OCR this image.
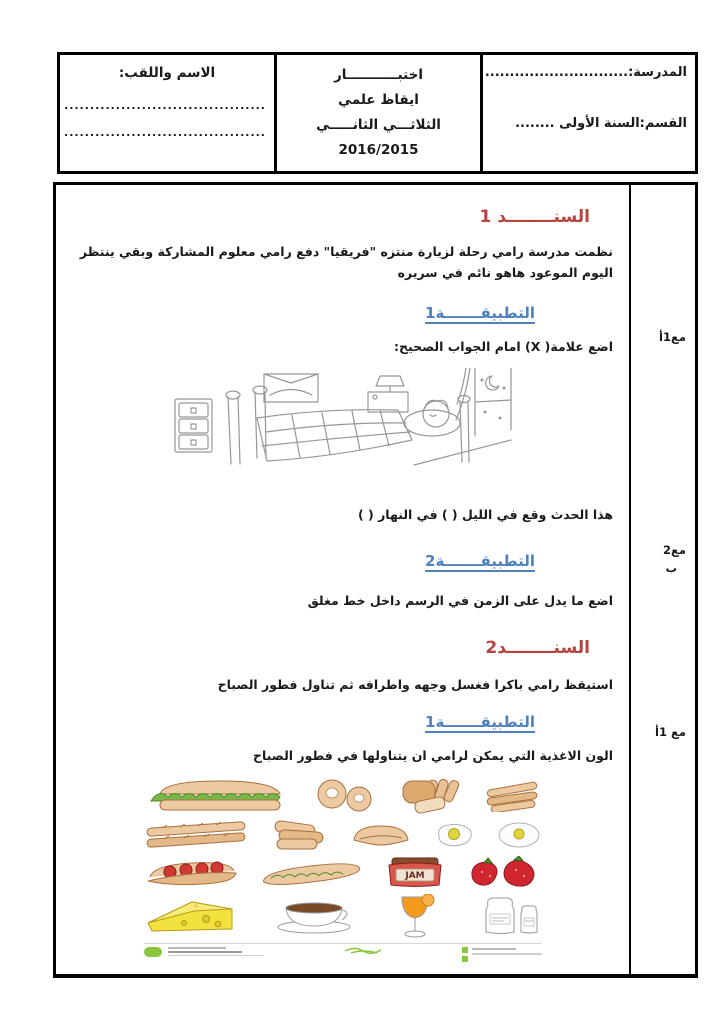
المدرسة:.............................
القسم:السنة الأولى ........
اختبـــــــــــار
ايقاظ علمي
الثلاثـــي الثانـــــي
2016/2015
الاسم واللقب:
.......................................
.......................................
السنــــــــد 1
نظمت مدرسة رامي رحلة لزيارة منتزه "فريقيا" دفع رامي معلوم المشاركة وبقي ينتظر اليوم الموعود هاهو نائم في سريره
التطبيقـــــــة1
اضع علامة( X) امام الجواب الصحيح:
هذا الحدث وقع في الليل ( ) في النهار ( )
التطبيقـــــــة2
اضع ما يدل على الزمن في الرسم داخل خط مغلق
السنــــــــد2
استيقظ رامي باكرا فغسل وجهه واطرافه ثم تناول فطور الصباح
التطبيقـــــــة1
الون الاغذية التي يمكن لرامي ان يتناولها في فطور الصباح
JAM
مع1أ
مع2
ب
مع 1أ
